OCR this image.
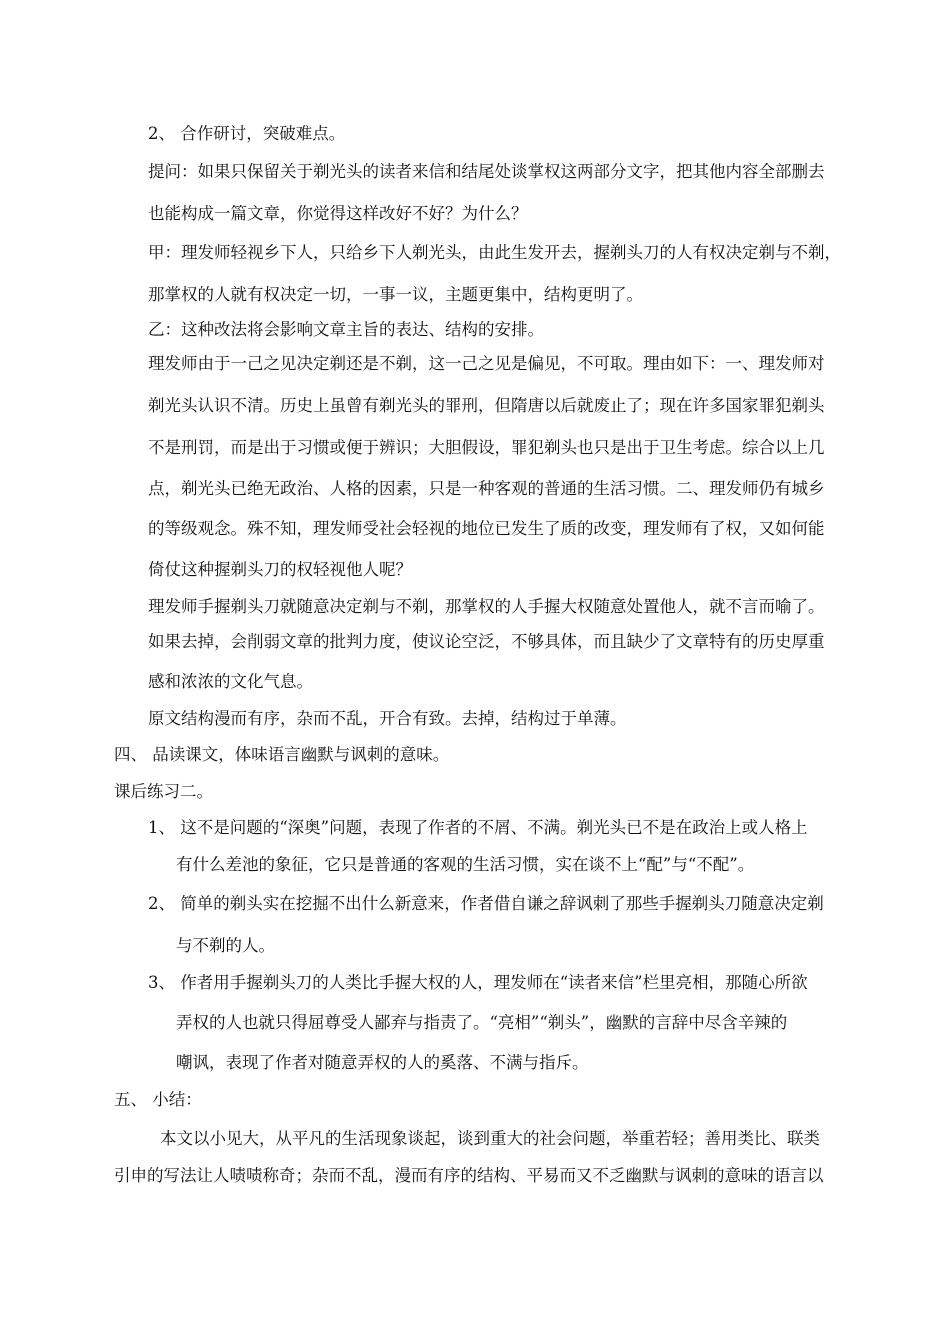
2、 合作研讨，突破难点。
提问：如果只保留关于剃光头的读者来信和结尾处谈掌权这两部分文字，把其他内容全部删去
也能构成一篇文章，你觉得这样改好不好？为什么？
甲：理发师轻视乡下人，只给乡下人剃光头，由此生发开去，握剃头刀的人有权决定剃与不剃，
那掌权的人就有权决定一切，一事一议，主题更集中，结构更明了。
乙：这种改法将会影响文章主旨的表达、结构的安排。
理发师由于一己之见决定剃还是不剃，这一己之见是偏见，不可取。理由如下：一、理发师对
剃光头认识不清。历史上虽曾有剃光头的罪刑，但隋唐以后就废止了；现在许多国家罪犯剃头
不是刑罚，而是出于习惯或便于辨识；大胆假设，罪犯剃头也只是出于卫生考虑。综合以上几
点，剃光头已绝无政治、人格的因素，只是一种客观的普通的生活习惯。二、理发师仍有城乡
的等级观念。殊不知，理发师受社会轻视的地位已发生了质的改变，理发师有了权，又如何能
倚仗这种握剃头刀的权轻视他人呢？
理发师手握剃头刀就随意决定剃与不剃，那掌权的人手握大权随意处置他人，就不言而喻了。
如果去掉，会削弱文章的批判力度，使议论空泛，不够具体，而且缺少了文章特有的历史厚重
感和浓浓的文化气息。
原文结构漫而有序，杂而不乱，开合有致。去掉，结构过于单薄。
四、 品读课文，体味语言幽默与讽刺的意味。
课后练习二。
1、 这不是问题的“深奥”问题，表现了作者的不屑、不满。剃光头已不是在政治上或人格上
有什么差池的象征，它只是普通的客观的生活习惯，实在谈不上“配”与“不配”。
2、 简单的剃头实在挖掘不出什么新意来，作者借自谦之辞讽刺了那些手握剃头刀随意决定剃
与不剃的人。
3、 作者用手握剃头刀的人类比手握大权的人，理发师在“读者来信”栏里亮相，那随心所欲
弄权的人也就只得屈尊受人鄙弃与指责了。“亮相”“剃头”，幽默的言辞中尽含辛辣的
嘲讽，表现了作者对随意弄权的人的奚落、不满与指斥。
五、 小结：
本文以小见大，从平凡的生活现象谈起，谈到重大的社会问题，举重若轻；善用类比、联类
引申的写法让人啧啧称奇；杂而不乱，漫而有序的结构、平易而又不乏幽默与讽刺的意味的语言以
